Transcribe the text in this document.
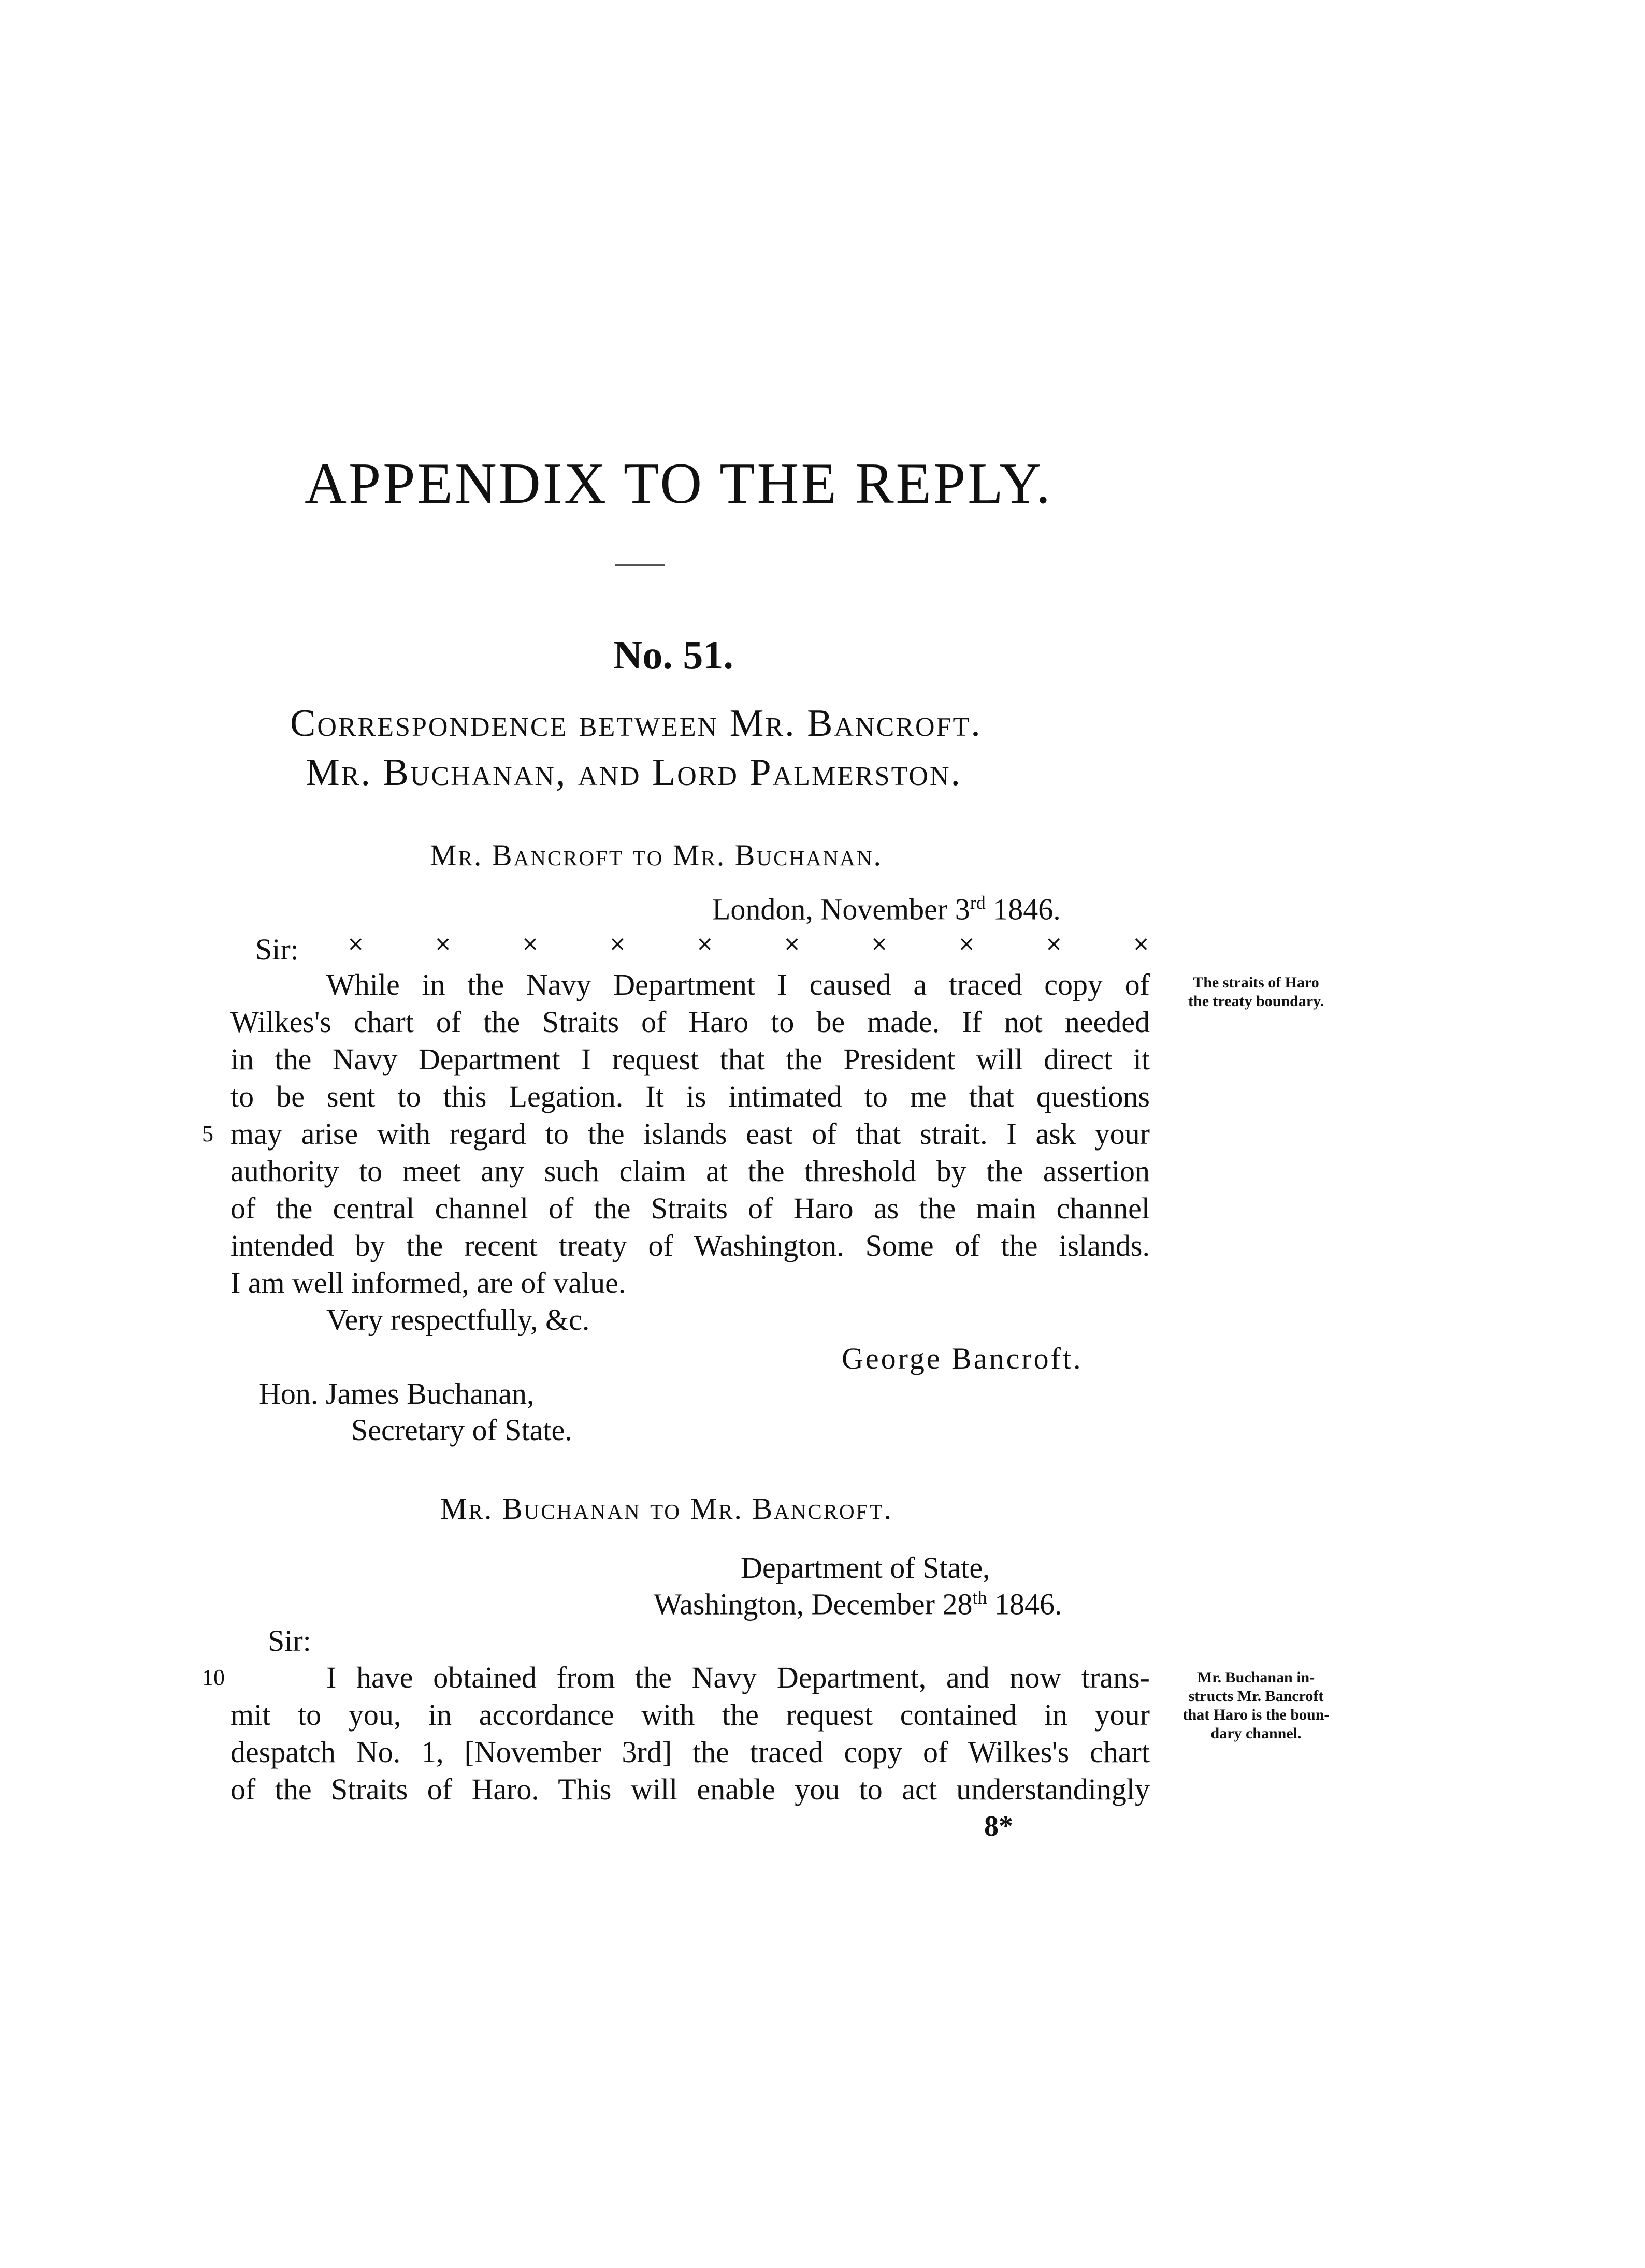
APPENDIX TO THE REPLY.
No. 51.
Correspondence between Mr. Bancroft.
Mr. Buchanan, and Lord Palmerston.
Mr. Bancroft to Mr. Buchanan.
London, November 3rd 1846.
Sir: ×	×	×	×	×	×	×	×	×	×
While in the Navy Department I caused a traced copy of
Wilkes's chart of the Straits of Haro to be made. If not needed
in the Navy Department I request that the President will direct it
to be sent to this Legation. It is intimated to me that questions
may arise with regard to the islands east of that strait. I ask your
authority to meet any such claim at the threshold by the assertion
of the central channel of the Straits of Haro as the main channel
intended by the recent treaty of Washington. Some of the islands.
I am well informed, are of value.
5
The straits of Haro
the treaty boundary.
Very respectfully, &c.
George Bancroft.
Hon. James Buchanan,
Secretary of State.
Mr. Buchanan to Mr. Bancroft.
Department of State,
Washington, December 28th 1846.
Sir:
I have obtained from the Navy Department, and now trans-
mit to you, in accordance with the request contained in your
despatch No. 1, [November 3rd] the traced copy of Wilkes's chart
of the Straits of Haro. This will enable you to act understandingly
10	Mr. Buchanan in-
structs Mr. Bancroft
that Haro is the boun-
dary channel.
8*
